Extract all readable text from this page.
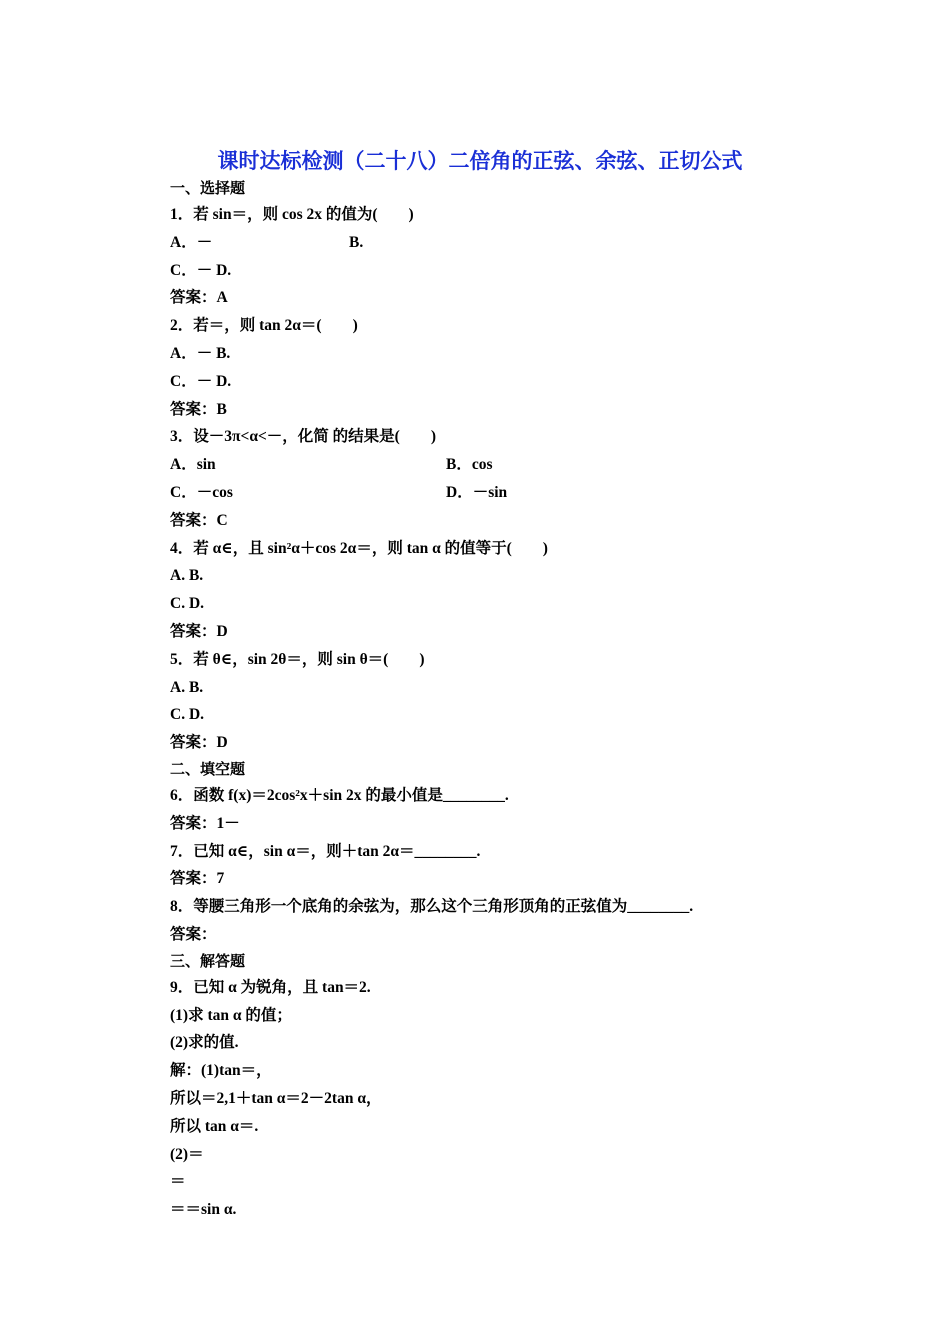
课时达标检测（二十八）二倍角的正弦、余弦、正切公式
一、选择题
1．若 sin＝，则 cos 2x 的值为(　　)
A．－	B.
C．－ D.
答案：A
2．若＝，则 tan 2α＝(　　)
A．－ B.
C．－ D.
答案：B
3．设－3π<α<－，化简 的结果是(　　)
A．sin	B．cos
C．－cos	D．－sin
答案：C
4．若 α∈，且 sin²α＋cos 2α＝，则 tan α 的值等于(　　)
A. B.
C. D.
答案：D
5．若 θ∈，sin 2θ＝，则 sin θ＝(　　)
A. B.
C. D.
答案：D
二、填空题
6．函数 f(x)＝2cos²x＋sin 2x 的最小值是________.
答案：1－
7．已知 α∈，sin α＝，则＋tan 2α＝________.
答案：7
8．等腰三角形一个底角的余弦为，那么这个三角形顶角的正弦值为________.
答案：
三、解答题
9．已知 α 为锐角，且 tan＝2.
(1)求 tan α 的值；
(2)求的值.
解：(1)tan＝，
所以＝2,1＋tan α＝2－2tan α，
所以 tan α＝.
(2)＝
＝
＝＝sin α.
